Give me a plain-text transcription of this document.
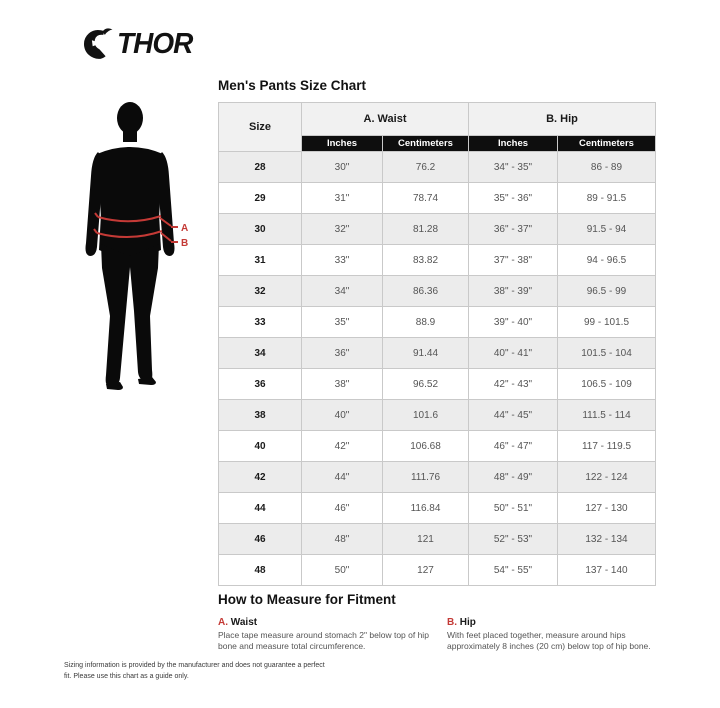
THOR
A
B
Men's Pants Size Chart
Size	A. Waist		B. Hip	
	Inches	Centimeters	Inches	Centimeters
28	30"	76.2	34" - 35"	86 - 89
29	31"	78.74	35" - 36"	89 - 91.5
30	32"	81.28	36" - 37"	91.5 - 94
31	33"	83.82	37" - 38"	94 - 96.5
32	34"	86.36	38" - 39"	96.5 - 99
33	35"	88.9	39" - 40"	99 - 101.5
34	36"	91.44	40" - 41"	101.5 - 104
36	38"	96.52	42" - 43"	106.5 - 109
38	40"	101.6	44" - 45"	111.5 - 114
40	42"	106.68	46" - 47"	117 - 119.5
42	44"	111.76	48" - 49"	122 - 124
44	46"	116.84	50" - 51"	127 - 130
46	48"	121	52" - 53"	132 - 134
48	50"	127	54" - 55"	137 - 140
How to Measure for Fitment
A. Waist

Place tape measure around stomach 2" below top of hip bone and measure total circumference.

B. Hip

With feet placed together, measure around hips approximately 8 inches (20 cm) below top of hip bone.

Sizing information is provided by the manufacturer and does not guarantee a perfect fit. Please use this chart as a guide only.
